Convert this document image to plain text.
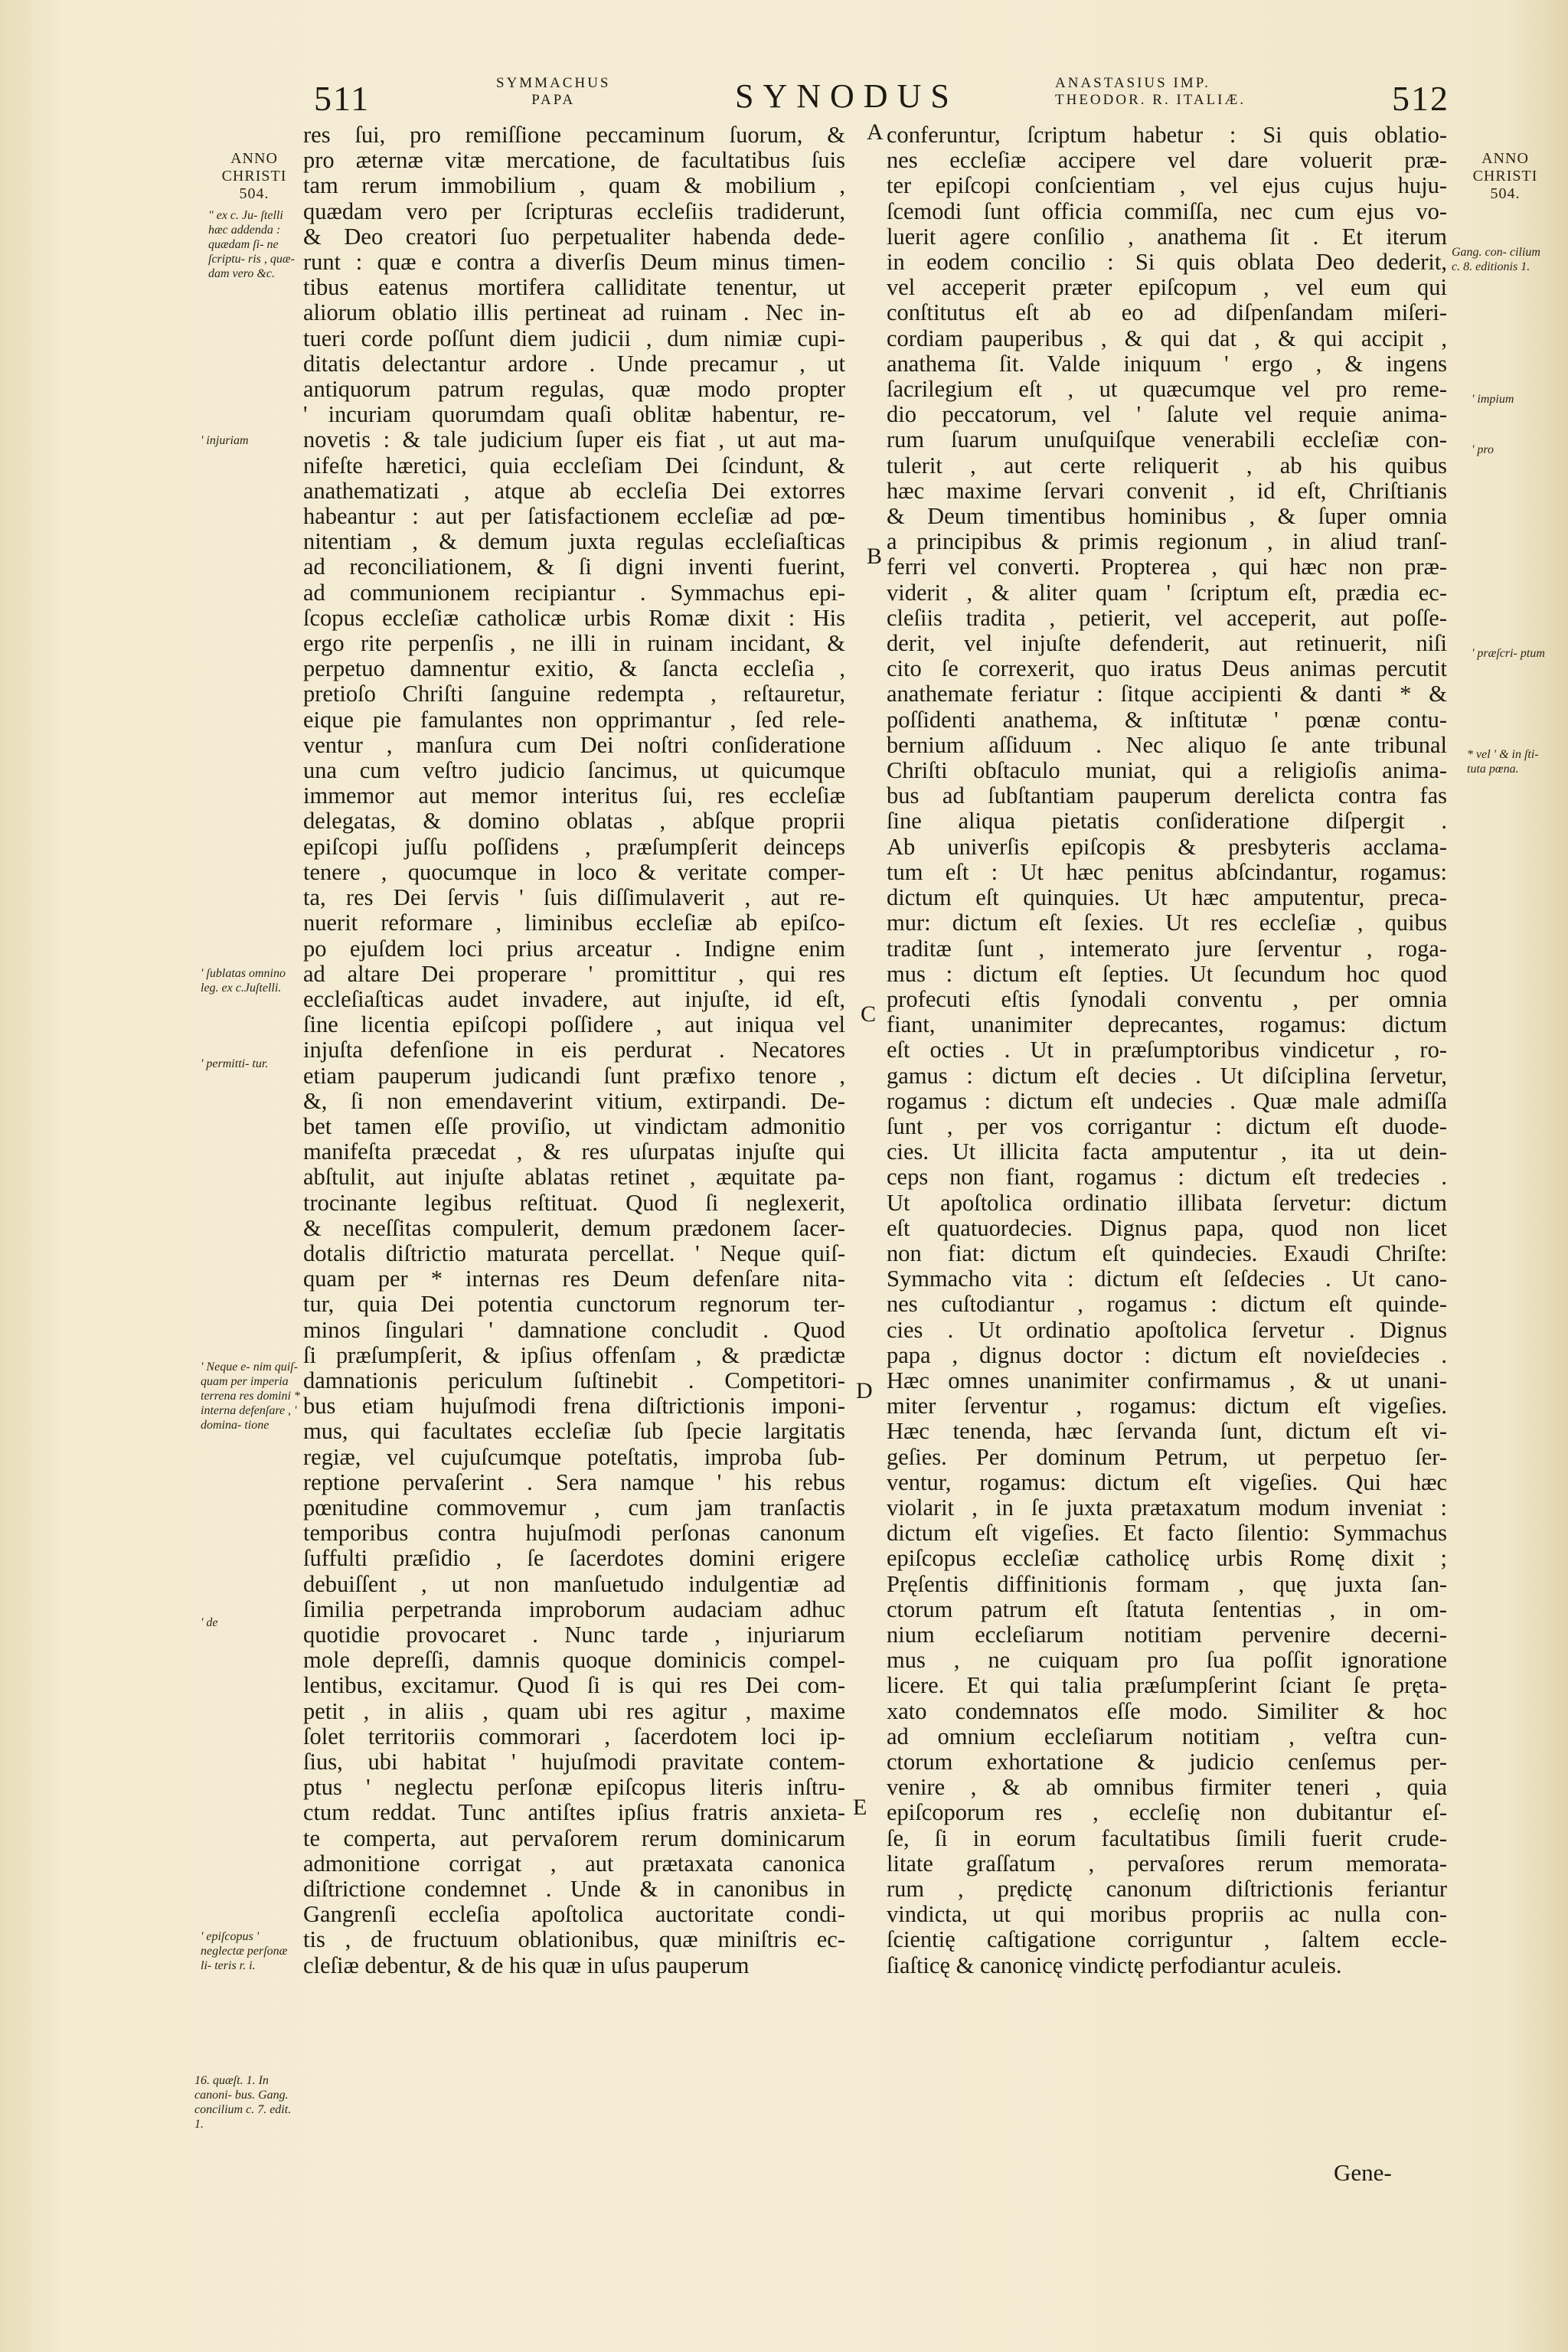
511	SYMMACHUS
PAPA	SYNODUS	ANASTASIUS IMP.
THEODOR. R. ITALIÆ.	512
ANNO CHRISTI 504.
" ex c. Ju- ſtelli hæc addenda : quædam ſi- ne ſcriptu- ris , quæ- dam vero &c.
' injuriam
' ſublatas omnino leg. ex c.Juſtelli.
' permitti- tur.
' Neque e- nim quiſ- quam per imperia terrena res domini * interna defenſare , ' domina- tione
' de
' epiſcopus ' neglectæ perſonæ li- teris r. i.
16. quæſt. 1. In canoni- bus. Gang. concilium c. 7. edit. 1.
ANNO CHRISTI 504.
Gang. con- cilium c. 8. editionis 1.
' impium
' pro
' præſcri- ptum
* vel ' & in ſti- tuta pœna.
A
B
C
D
E
res ſui, pro remiſſione peccaminum ſuorum, &
pro æternæ vitæ mercatione, de facultatibus ſuis
tam rerum immobilium , quam & mobilium ,
quædam vero per ſcripturas eccleſiis tradiderunt,
& Deo creatori ſuo perpetualiter habenda dede-
runt : quæ e contra a diverſis Deum minus timen-
tibus eatenus mortifera calliditate tenentur, ut
aliorum oblatio illis pertineat ad ruinam . Nec in-
tueri corde poſſunt diem judicii , dum nimiæ cupi-
ditatis delectantur ardore . Unde precamur , ut
antiquorum patrum regulas, quæ modo propter
' incuriam quorumdam quaſi oblitæ habentur, re-
novetis : & tale judicium ſuper eis fiat , ut aut ma-
nifeſte hæretici, quia eccleſiam Dei ſcindunt, &
anathematizati , atque ab eccleſia Dei extorres
habeantur : aut per ſatisfactionem eccleſiæ ad pœ-
nitentiam , & demum juxta regulas eccleſiaſticas
ad reconciliationem, & ſi digni inventi fuerint,
ad communionem recipiantur . Symmachus epi-
ſcopus eccleſiæ catholicæ urbis Romæ dixit : His
ergo rite perpenſis , ne illi in ruinam incidant, &
perpetuo damnentur exitio, & ſancta eccleſia ,
pretioſo Chriſti ſanguine redempta , reſtauretur,
eique pie famulantes non opprimantur , ſed rele-
ventur , manſura cum Dei noſtri conſideratione
una cum veſtro judicio ſancimus, ut quicumque
immemor aut memor interitus ſui, res eccleſiæ
delegatas, & domino oblatas , abſque proprii
epiſcopi juſſu poſſidens , præſumpſerit deinceps
tenere , quocumque in loco & veritate comper-
ta, res Dei ſervis ' ſuis diſſimulaverit , aut re-
nuerit reformare , liminibus eccleſiæ ab epiſco-
po ejuſdem loci prius arceatur . Indigne enim
ad altare Dei properare ' promittitur , qui res
eccleſiaſticas audet invadere, aut injuſte, id eſt,
ſine licentia epiſcopi poſſidere , aut iniqua vel
injuſta defenſione in eis perdurat . Necatores
etiam pauperum judicandi ſunt præfixo tenore ,
&, ſi non emendaverint vitium, extirpandi. De-
bet tamen eſſe proviſio, ut vindictam admonitio
manifeſta præcedat , & res uſurpatas injuſte qui
abſtulit, aut injuſte ablatas retinet , æquitate pa-
trocinante legibus reſtituat. Quod ſi neglexerit,
& neceſſitas compulerit, demum prædonem ſacer-
dotalis diſtrictio maturata percellat. ' Neque quiſ-
quam per * internas res Deum defenſare nita-
tur, quia Dei potentia cunctorum regnorum ter-
minos ſingulari ' damnatione concludit . Quod
ſi præſumpſerit, & ipſius offenſam , & prædictæ
damnationis periculum ſuſtinebit . Competitori-
bus etiam hujuſmodi frena diſtrictionis imponi-
mus, qui facultates eccleſiæ ſub ſpecie largitatis
regiæ, vel cujuſcumque poteſtatis, improba ſub-
reptione pervaſerint . Sera namque ' his rebus
pœnitudine commovemur , cum jam tranſactis
temporibus contra hujuſmodi perſonas canonum
ſuffulti præſidio , ſe ſacerdotes domini erigere
debuiſſent , ut non manſuetudo indulgentiæ ad
ſimilia perpetranda improborum audaciam adhuc
quotidie provocaret . Nunc tarde , injuriarum
mole depreſſi, damnis quoque dominicis compel-
lentibus, excitamur. Quod ſi is qui res Dei com-
petit , in aliis , quam ubi res agitur , maxime
ſolet territoriis commorari , ſacerdotem loci ip-
ſius, ubi habitat ' hujuſmodi pravitate contem-
ptus ' neglectu perſonæ epiſcopus literis inſtru-
ctum reddat. Tunc antiſtes ipſius fratris anxieta-
te comperta, aut pervaſorem rerum dominicarum
admonitione corrigat , aut prætaxata canonica
diſtrictione condemnet . Unde & in canonibus in
Gangrenſi eccleſia apoſtolica auctoritate condi-
tis , de fructuum oblationibus, quæ miniſtris ec-
cleſiæ debentur, & de his quæ in uſus pauperum
conferuntur, ſcriptum habetur : Si quis oblatio-
nes eccleſiæ accipere vel dare voluerit præ-
ter epiſcopi conſcientiam , vel ejus cujus huju-
ſcemodi ſunt officia commiſſa, nec cum ejus vo-
luerit agere conſilio , anathema ſit . Et iterum
in eodem concilio : Si quis oblata Deo dederit,
vel acceperit præter epiſcopum , vel eum qui
conſtitutus eſt ab eo ad diſpenſandam miſeri-
cordiam pauperibus , & qui dat , & qui accipit ,
anathema ſit. Valde iniquum ' ergo , & ingens
ſacrilegium eſt , ut quæcumque vel pro reme-
dio peccatorum, vel ' ſalute vel requie anima-
rum ſuarum unuſquiſque venerabili eccleſiæ con-
tulerit , aut certe reliquerit , ab his quibus
hæc maxime ſervari convenit , id eſt, Chriſtianis
& Deum timentibus hominibus , & ſuper omnia
a principibus & primis regionum , in aliud tranſ-
ferri vel converti. Propterea , qui hæc non præ-
viderit , & aliter quam ' ſcriptum eſt, prædia ec-
cleſiis tradita , petierit, vel acceperit, aut poſſe-
derit, vel injuſte defenderit, aut retinuerit, niſi
cito ſe correxerit, quo iratus Deus animas percutit
anathemate feriatur : ſitque accipienti & danti * &
poſſidenti anathema, & inſtitutæ ' pœnæ contu-
bernium aſſiduum . Nec aliquo ſe ante tribunal
Chriſti obſtaculo muniat, qui a religioſis anima-
bus ad ſubſtantiam pauperum derelicta contra fas
ſine aliqua pietatis conſideratione diſpergit .
Ab univerſis epiſcopis & presbyteris acclama-
tum eſt : Ut hæc penitus abſcindantur, rogamus:
dictum eſt quinquies. Ut hæc amputentur, preca-
mur: dictum eſt ſexies. Ut res eccleſiæ , quibus
traditæ ſunt , intemerato jure ſerventur , roga-
mus : dictum eſt ſepties. Ut ſecundum hoc quod
profecuti eſtis ſynodali conventu , per omnia
fiant, unanimiter deprecantes, rogamus: dictum
eſt octies . Ut in præſumptoribus vindicetur , ro-
gamus : dictum eſt decies . Ut diſciplina ſervetur,
rogamus : dictum eſt undecies . Quæ male admiſſa
ſunt , per vos corrigantur : dictum eſt duode-
cies. Ut illicita facta amputentur , ita ut dein-
ceps non fiant, rogamus : dictum eſt tredecies .
Ut apoſtolica ordinatio illibata ſervetur: dictum
eſt quatuordecies. Dignus papa, quod non licet
non fiat: dictum eſt quindecies. Exaudi Chriſte:
Symmacho vita : dictum eſt ſeſdecies . Ut cano-
nes cuſtodiantur , rogamus : dictum eſt quinde-
cies . Ut ordinatio apoſtolica ſervetur . Dignus
papa , dignus doctor : dictum eſt novieſdecies .
Hæc omnes unanimiter confirmamus , & ut unani-
miter ſerventur , rogamus: dictum eſt vigeſies.
Hæc tenenda, hæc ſervanda ſunt, dictum eſt vi-
geſies. Per dominum Petrum, ut perpetuo ſer-
ventur, rogamus: dictum eſt vigeſies. Qui hæc
violarit , in ſe juxta prætaxatum modum inveniat :
dictum eſt vigeſies. Et facto ſilentio: Symmachus
epiſcopus eccleſiæ catholicę urbis Romę dixit ;
Pręſentis diffinitionis formam , quę juxta ſan-
ctorum patrum eſt ſtatuta ſententias , in om-
nium eccleſiarum notitiam pervenire decerni-
mus , ne cuiquam pro ſua poſſit ignoratione
licere. Et qui talia præſumpſerint ſciant ſe pręta-
xato condemnatos eſſe modo. Similiter & hoc
ad omnium eccleſiarum notitiam , veſtra cun-
ctorum exhortatione & judicio cenſemus per-
venire , & ab omnibus firmiter teneri , quia
epiſcoporum res , eccleſię non dubitantur eſ-
ſe, ſi in eorum facultatibus ſimili fuerit crude-
litate graſſatum , pervaſores rerum memorata-
rum , prędictę canonum diſtrictionis feriantur
vindicta, ut qui moribus propriis ac nulla con-
ſcientię caſtigatione corriguntur , ſaltem eccle-
ſiaſticę & canonicę vindictę perfodiantur aculeis.
Gene-
